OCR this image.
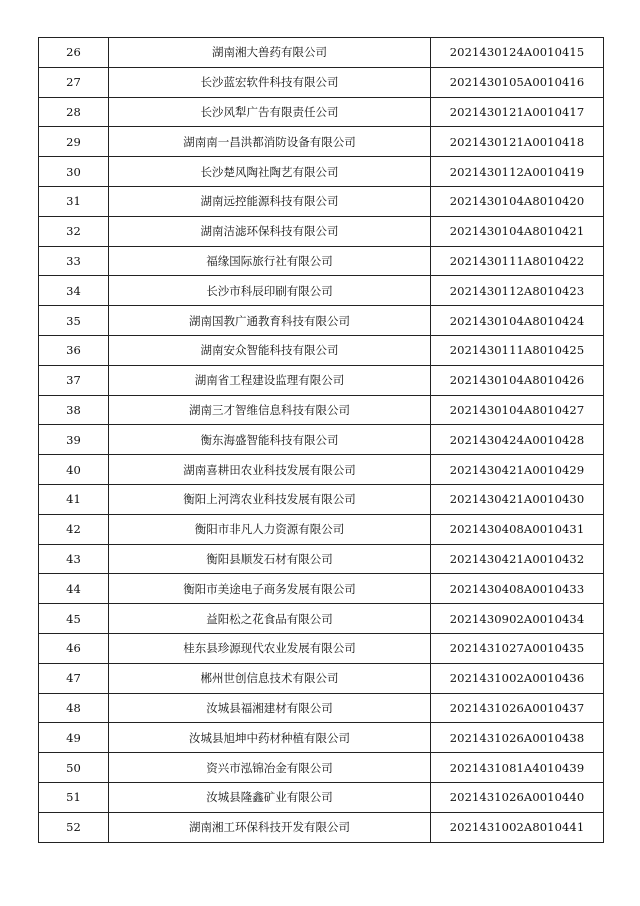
26	湖南湘大兽药有限公司	2021430124A0010415
27	长沙蓝宏软件科技有限公司	2021430105A0010416
28	长沙风犁广告有限责任公司	2021430121A0010417
29	湖南南一昌洪都消防设备有限公司	2021430121A0010418
30	长沙楚风陶社陶艺有限公司	2021430112A0010419
31	湖南远控能源科技有限公司	2021430104A8010420
32	湖南洁滤环保科技有限公司	2021430104A8010421
33	福缘国际旅行社有限公司	2021430111A8010422
34	长沙市科辰印刷有限公司	2021430112A8010423
35	湖南国教广通教育科技有限公司	2021430104A8010424
36	湖南安众智能科技有限公司	2021430111A8010425
37	湖南省工程建设监理有限公司	2021430104A8010426
38	湖南三才智维信息科技有限公司	2021430104A8010427
39	衡东海盛智能科技有限公司	2021430424A0010428
40	湖南喜耕田农业科技发展有限公司	2021430421A0010429
41	衡阳上河湾农业科技发展有限公司	2021430421A0010430
42	衡阳市非凡人力资源有限公司	2021430408A0010431
43	衡阳县顺发石材有限公司	2021430421A0010432
44	衡阳市美途电子商务发展有限公司	2021430408A0010433
45	益阳松之花食品有限公司	2021430902A0010434
46	桂东县珍源现代农业发展有限公司	2021431027A0010435
47	郴州世创信息技术有限公司	2021431002A0010436
48	汝城县福湘建材有限公司	2021431026A0010437
49	汝城县旭坤中药材种植有限公司	2021431026A0010438
50	资兴市泓锦冶金有限公司	2021431081A4010439
51	汝城县隆鑫矿业有限公司	2021431026A0010440
52	湖南湘工环保科技开发有限公司	2021431002A8010441
